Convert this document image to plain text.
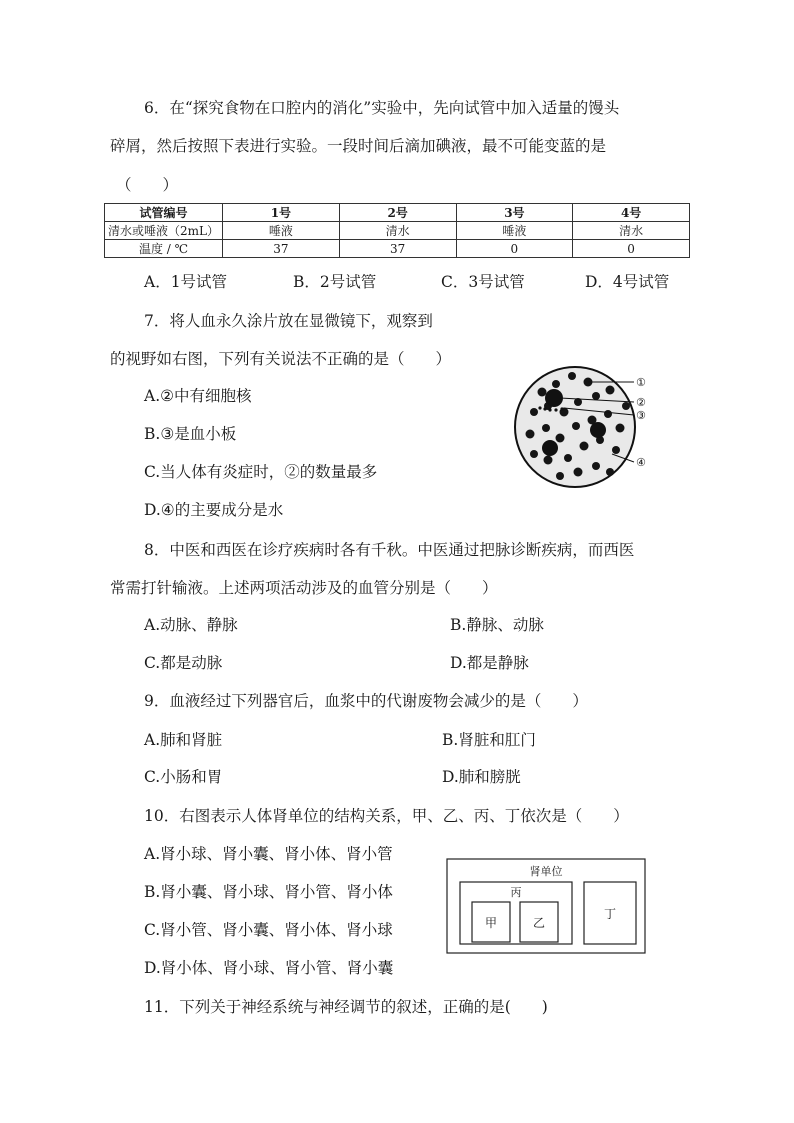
6．在“探究食物在口腔内的消化”实验中，先向试管中加入适量的馒头
碎屑，然后按照下表进行实验。一段时间后滴加碘液，最不可能变蓝的是
（　　）
试管编号	1号	2号	3号	4号
清水或唾液（2mL）	唾液	清水	唾液	清水
温度 / ℃	37	37	0	0
A．1号试管	B．2号试管	C．3号试管	D．4号试管
7．将人血永久涂片放在显微镜下，观察到
的视野如右图，下列有关说法不正确的是（　　）
A.②中有细胞核
B.③是血小板
C.当人体有炎症时，②的数量最多
D.④的主要成分是水
①
②
③
④
8．中医和西医在诊疗疾病时各有千秋。中医通过把脉诊断疾病，而西医
常需打针输液。上述两项活动涉及的血管分别是（　　）
A.动脉、静脉	B.静脉、动脉
C.都是动脉	D.都是静脉
9．血液经过下列器官后，血浆中的代谢废物会减少的是（　　）
A.肺和肾脏	B.肾脏和肛门
C.小肠和胃	D.肺和膀胱
10．右图表示人体肾单位的结构关系，甲、乙、丙、丁依次是（　　）
A.肾小球、肾小囊、肾小体、肾小管
B.肾小囊、肾小球、肾小管、肾小体
C.肾小管、肾小囊、肾小体、肾小球
D.肾小体、肾小球、肾小管、肾小囊
肾单位
丙
甲	乙
丁
11．下列关于神经系统与神经调节的叙述，正确的是(　　)
